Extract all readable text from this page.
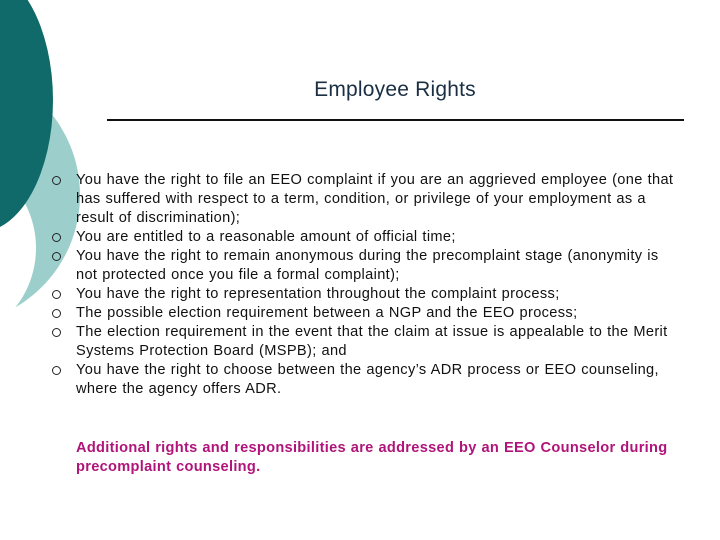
Employee Rights
You have the right to file an EEO complaint if you are an aggrieved employee (one that has suffered with respect to a term, condition, or privilege of your employment as a result of discrimination);
You are entitled to a reasonable amount of official time;
You have the right to remain anonymous during the precomplaint stage (anonymity is not protected once you file a formal complaint);
You have the right to representation throughout the complaint process;
The possible election requirement between a NGP and the EEO process;
The election requirement in the event that the claim at issue is appealable to the Merit Systems Protection Board (MSPB); and
You have the right to choose between the agency’s ADR process or EEO counseling, where the agency offers ADR.
Additional rights and responsibilities are addressed by an EEO Counselor during precomplaint counseling.
